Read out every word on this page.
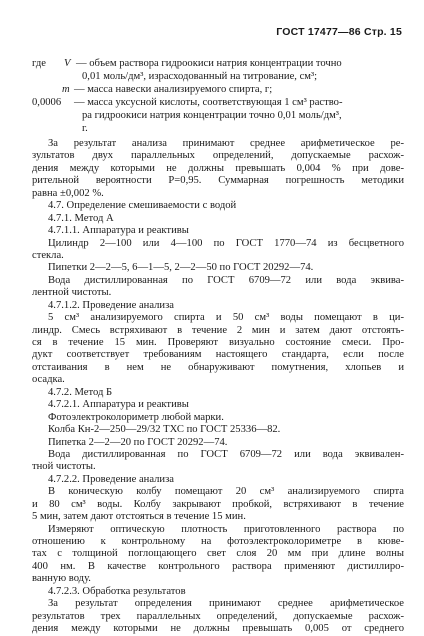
ГОСТ 17477—86 Стр. 15
где V — объем раствора гидроокиси натрия концентрации точно
0,01 моль/дм³, израсходованный на титрование, см³;
m — масса навески анализируемого спирта, г;
0,0006 — масса уксусной кислоты, соответствующая 1 см³ раство-
ра гидроокиси натрия концентрации точно 0,01 моль/дм³,
г.
За результат анализа принимают среднее арифметическое ре-
зультатов двух параллельных определений, допускаемые расхож-
дения между которыми не должны превышать 0,004 % при дове-
рительной вероятности P=0,95. Суммарная погрешность методики
равна ±0,002 %.
4.7. Определение смешиваемости с водой
4.7.1. Метод А
4.7.1.1. Аппаратура и реактивы
Цилиндр 2—100 или 4—100 по ГОСТ 1770—74 из бесцветного
стекла.
Пипетки 2—2—5, 6—1—5, 2—2—50 по ГОСТ 20292—74.
Вода дистиллированная по ГОСТ 6709—72 или вода эквива-
лентной чистоты.
4.7.1.2. Проведение анализа
5 см³ анализируемого спирта и 50 см³ воды помещают в ци-
линдр. Смесь встряхивают в течение 2 мин и затем дают отстоять-
ся в течение 15 мин. Проверяют визуально состояние смеси. Про-
дукт соответствует требованиям настоящего стандарта, если после
отстаивания в нем не обнаруживают помутнения, хлопьев и
осадка.
4.7.2. Метод Б
4.7.2.1. Аппаратура и реактивы
Фотоэлектроколориметр любой марки.
Колба Кн-2—250—29/32 ТХС по ГОСТ 25336—82.
Пипетка 2—2—20 по ГОСТ 20292—74.
Вода дистиллированная по ГОСТ 6709—72 или вода эквивален-
тной чистоты.
4.7.2.2. Проведение анализа
В коническую колбу помещают 20 см³ анализируемого спирта
и 80 см³ воды. Колбу закрывают пробкой, встряхивают в течение
5 мин, затем дают отстояться в течение 15 мин.
Измеряют оптическую плотность приготовленного раствора по
отношению к контрольному на фотоэлектроколориметре в кюве-
тах с толщиной поглощающего свет слоя 20 мм при длине волны
400 нм. В качестве контрольного раствора применяют дистиллиро-
ванную воду.
4.7.2.3. Обработка результатов
За результат определения принимают среднее арифметическое
результатов трех параллельных определений, допускаемые расхож-
дения между которыми не должны превышать 0,005 от среднего
